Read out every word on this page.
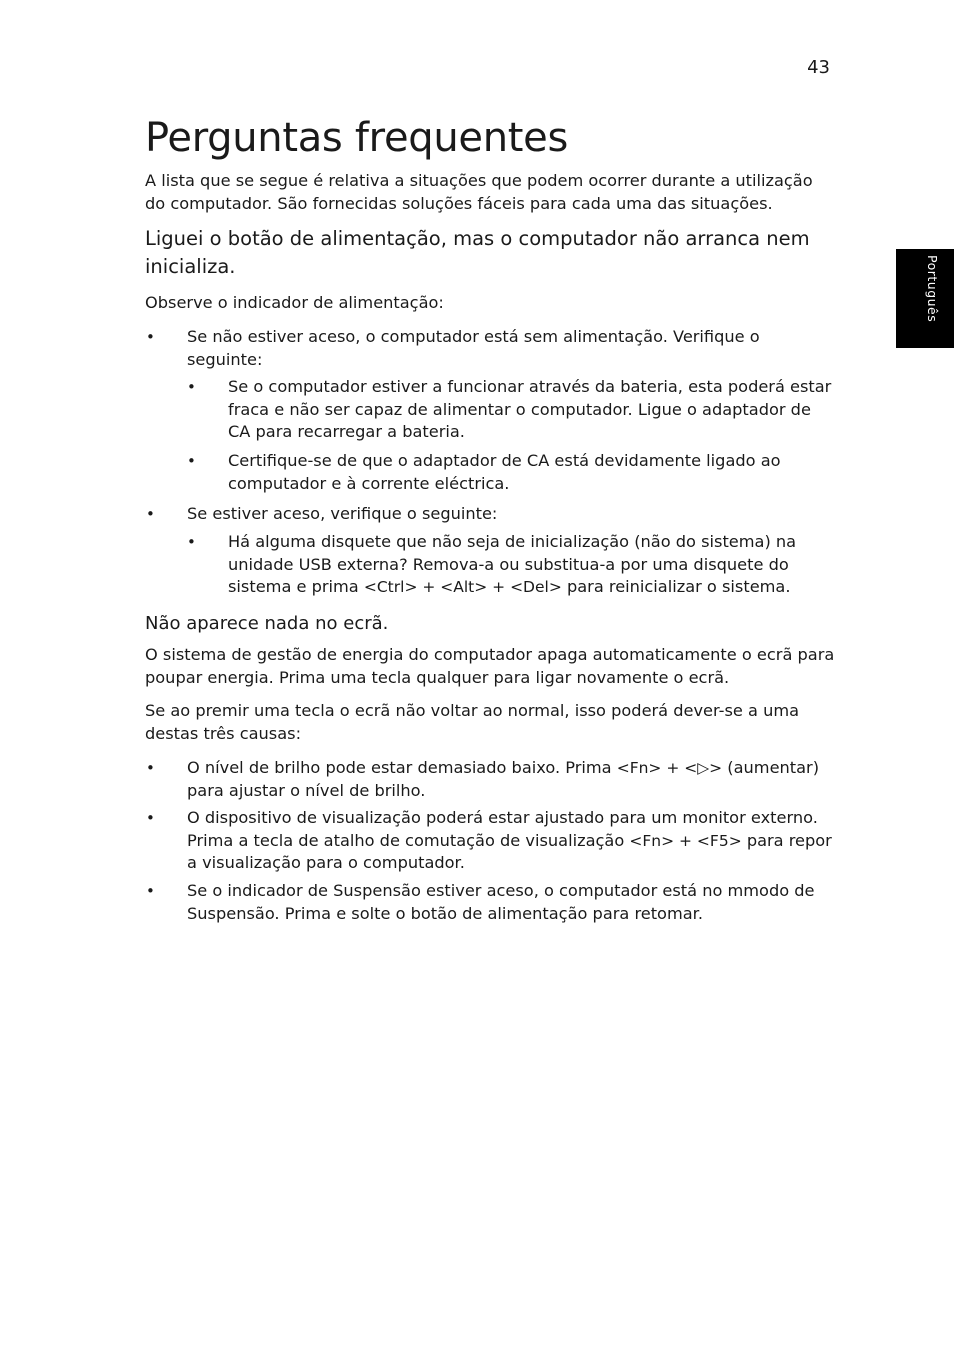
43
Português
Perguntas frequentes

A lista que se segue é relativa a situações que podem ocorrer durante a utilização do computador. São fornecidas soluções fáceis para cada uma das situações.

Liguei o botão de alimentação, mas o computador não arranca nem inicializa.

Observe o indicador de alimentação:

• Se não estiver aceso, o computador está sem alimentação. Verifique o seguinte:
• Se o computador estiver a funcionar através da bateria, esta poderá estar fraca e não ser capaz de alimentar o computador. Ligue o adaptador de CA para recarregar a bateria.
• Certifique-se de que o adaptador de CA está devidamente ligado ao computador e à corrente eléctrica.
• Se estiver aceso, verifique o seguinte:
• Há alguma disquete que não seja de inicialização (não do sistema) na unidade USB externa? Remova-a ou substitua-a por uma disquete do sistema e prima <Ctrl> + <Alt> + <Del> para reinicializar o sistema.
Não aparece nada no ecrã.

O sistema de gestão de energia do computador apaga automaticamente o ecrã para poupar energia. Prima uma tecla qualquer para ligar novamente o ecrã.

Se ao premir uma tecla o ecrã não voltar ao normal, isso poderá dever-se a uma destas três causas:

• O nível de brilho pode estar demasiado baixo. Prima <Fn> + <▷> (aumentar) para ajustar o nível de brilho.
• O dispositivo de visualização poderá estar ajustado para um monitor externo. Prima a tecla de atalho de comutação de visualização <Fn> + <F5> para repor a visualização para o computador.
• Se o indicador de Suspensão estiver aceso, o computador está no mmodo de Suspensão. Prima e solte o botão de alimentação para retomar.
